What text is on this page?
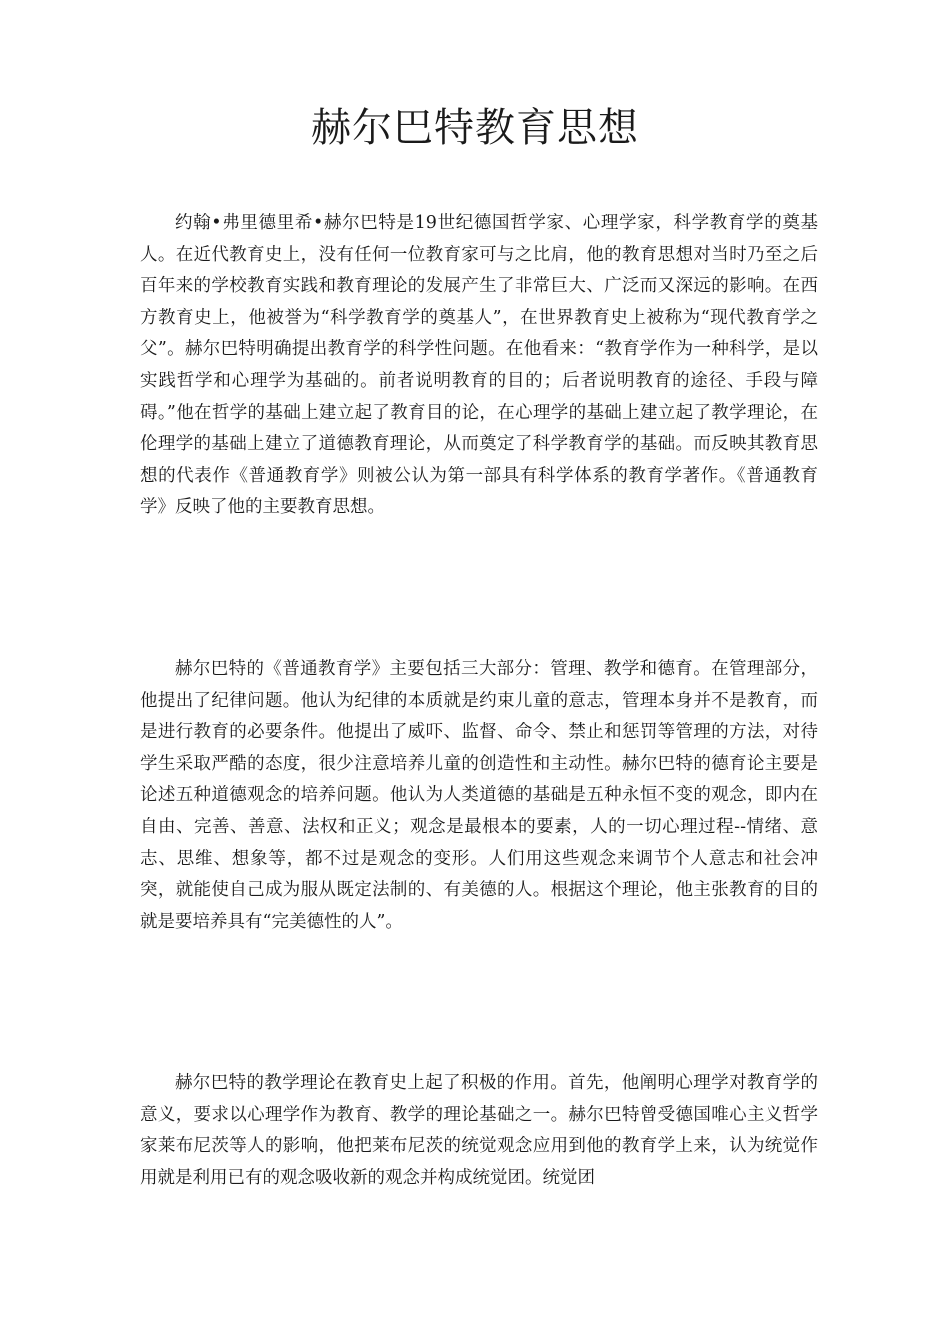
赫尔巴特教育思想

约翰•弗里德里希•赫尔巴特是19世纪德国哲学家、心理学家，科学教育学的奠基人。在近代教育史上，没有任何一位教育家可与之比肩，他的教育思想对当时乃至之后百年来的学校教育实践和教育理论的发展产生了非常巨大、广泛而又深远的影响。在西方教育史上，他被誉为“科学教育学的奠基人”，在世界教育史上被称为“现代教育学之父”。赫尔巴特明确提出教育学的科学性问题。在他看来：“教育学作为一种科学，是以实践哲学和心理学为基础的。前者说明教育的目的；后者说明教育的途径、手段与障碍。”他在哲学的基础上建立起了教育目的论，在心理学的基础上建立起了教学理论，在伦理学的基础上建立了道德教育理论，从而奠定了科学教育学的基础。而反映其教育思想的代表作《普通教育学》则被公认为第一部具有科学体系的教育学著作。《普通教育学》反映了他的主要教育思想。

赫尔巴特的《普通教育学》主要包括三大部分：管理、教学和德育。在管理部分，他提出了纪律问题。他认为纪律的本质就是约束儿童的意志，管理本身并不是教育，而是进行教育的必要条件。他提出了威吓、监督、命令、禁止和惩罚等管理的方法，对待学生采取严酷的态度，很少注意培养儿童的创造性和主动性。赫尔巴特的德育论主要是论述五种道德观念的培养问题。他认为人类道德的基础是五种永恒不变的观念，即内在自由、完善、善意、法权和正义；观念是最根本的要素，人的一切心理过程--情绪、意志、思维、想象等，都不过是观念的变形。人们用这些观念来调节个人意志和社会冲突，就能使自己成为服从既定法制的、有美德的人。根据这个理论，他主张教育的目的就是要培养具有“完美德性的人”。

赫尔巴特的教学理论在教育史上起了积极的作用。首先，他阐明心理学对教育学的意义，要求以心理学作为教育、教学的理论基础之一。赫尔巴特曾受德国唯心主义哲学家莱布尼茨等人的影响，他把莱布尼茨的统觉观念应用到他的教育学上来，认为统觉作用就是利用已有的观念吸收新的观念并构成统觉团。统觉团
